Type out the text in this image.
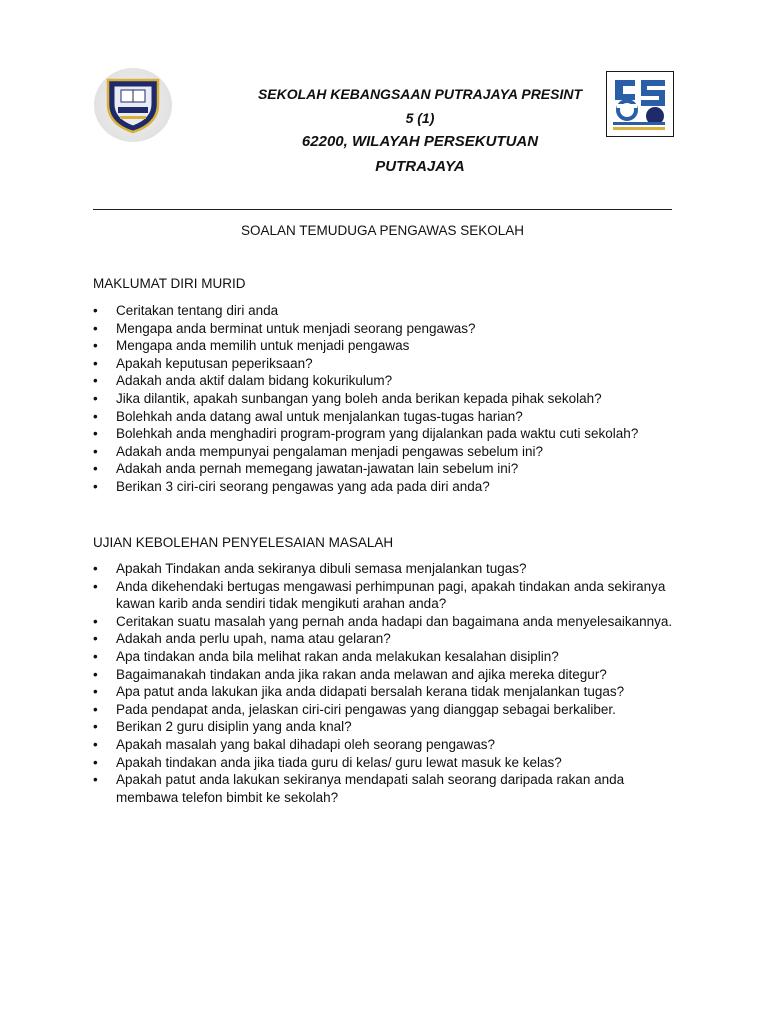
SEKOLAH KEBANGSAAN PUTRAJAYA PRESINT
5 (1)
62200, WILAYAH PERSEKUTUAN
PUTRAJAYA
SOALAN TEMUDUGA PENGAWAS SEKOLAH
MAKLUMAT DIRI MURID
•	Ceritakan tentang diri anda
•	Mengapa anda berminat untuk menjadi seorang pengawas?
•	Mengapa anda memilih untuk menjadi pengawas
•	Apakah keputusan peperiksaan?
•	Adakah anda aktif dalam bidang kokurikulum?
•	Jika dilantik, apakah sunbangan yang boleh anda berikan kepada pihak sekolah?
•	Bolehkah anda datang awal untuk menjalankan tugas-tugas harian?
•	Bolehkah anda menghadiri program-program yang dijalankan pada waktu cuti sekolah?
•	Adakah anda mempunyai pengalaman menjadi pengawas sebelum ini?
•	Adakah anda pernah memegang jawatan-jawatan lain sebelum ini?
•	Berikan 3 ciri-ciri seorang pengawas yang ada pada diri anda?
UJIAN KEBOLEHAN PENYELESAIAN MASALAH
•	Apakah Tindakan anda sekiranya dibuli semasa menjalankan tugas?
•	Anda dikehendaki bertugas mengawasi perhimpunan pagi, apakah tindakan anda sekiranya kawan karib anda sendiri tidak mengikuti arahan anda?
•	Ceritakan suatu masalah yang pernah anda hadapi dan bagaimana anda menyelesaikannya.
•	Adakah anda perlu upah, nama atau gelaran?
•	Apa tindakan anda bila melihat rakan anda melakukan kesalahan disiplin?
•	Bagaimanakah tindakan anda jika rakan anda melawan and ajika mereka ditegur?
•	Apa patut anda lakukan jika anda didapati bersalah kerana tidak menjalankan tugas?
•	Pada pendapat anda, jelaskan ciri-ciri pengawas yang dianggap sebagai berkaliber.
•	Berikan 2 guru disiplin yang anda knal?
•	Apakah masalah yang bakal dihadapi oleh seorang pengawas?
•	Apakah tindakan anda jika tiada guru di kelas/ guru lewat masuk ke kelas?
•	Apakah patut anda lakukan sekiranya mendapati salah seorang daripada rakan anda membawa telefon bimbit ke sekolah?
